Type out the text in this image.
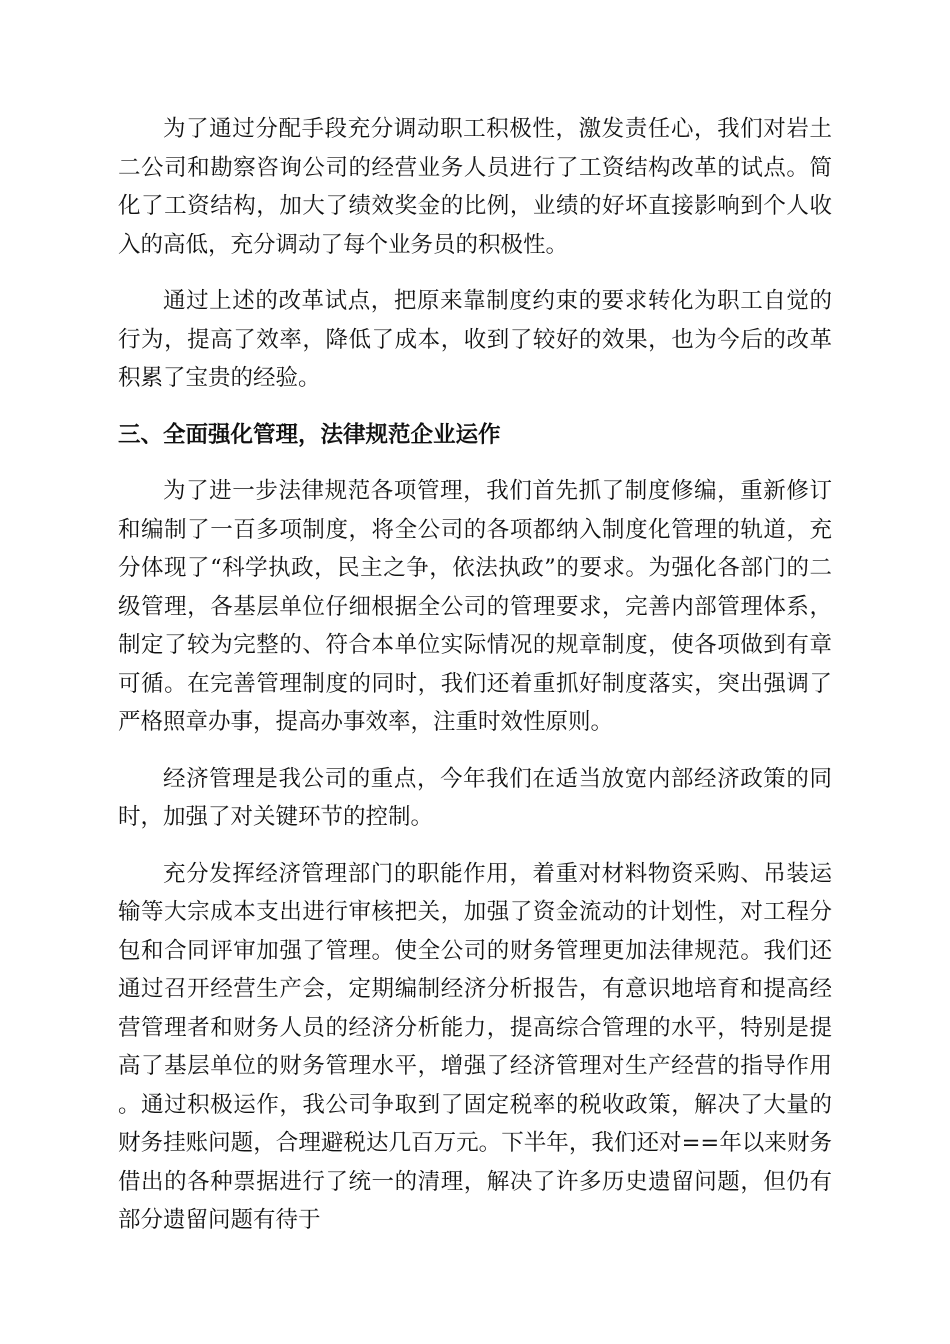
为了通过分配手段充分调动职工积极性，激发责任心，我们对岩土二公司和勘察咨询公司的经营业务人员进行了工资结构改革的试点。简化了工资结构，加大了绩效奖金的比例，业绩的好坏直接影响到个人收入的高低，充分调动了每个业务员的积极性。

通过上述的改革试点，把原来靠制度约束的要求转化为职工自觉的行为，提高了效率，降低了成本，收到了较好的效果，也为今后的改革积累了宝贵的经验。

三、全面强化管理，法律规范企业运作

为了进一步法律规范各项管理，我们首先抓了制度修编，重新修订和编制了一百多项制度，将全公司的各项都纳入制度化管理的轨道，充分体现了“科学执政，民主之争，依法执政”的要求。为强化各部门的二级管理，各基层单位仔细根据全公司的管理要求，完善内部管理体系，制定了较为完整的、符合本单位实际情况的规章制度，使各项做到有章可循。在完善管理制度的同时，我们还着重抓好制度落实，突出强调了严格照章办事，提高办事效率，注重时效性原则。

经济管理是我公司的重点，今年我们在适当放宽内部经济政策的同时，加强了对关键环节的控制。

充分发挥经济管理部门的职能作用，着重对材料物资采购、吊装运输等大宗成本支出进行审核把关，加强了资金流动的计划性，对工程分包和合同评审加强了管理。使全公司的财务管理更加法律规范。我们还通过召开经营生产会，定期编制经济分析报告，有意识地培育和提高经营管理者和财务人员的经济分析能力，提高综合管理的水平，特别是提高了基层单位的财务管理水平，增强了经济管理对生产经营的指导作用。通过积极运作，我公司争取到了固定税率的税收政策，解决了大量的财务挂账问题，合理避税达几百万元。下半年，我们还对==年以来财务借出的各种票据进行了统一的清理，解决了许多历史遗留问题，但仍有部分遗留问题有待于
